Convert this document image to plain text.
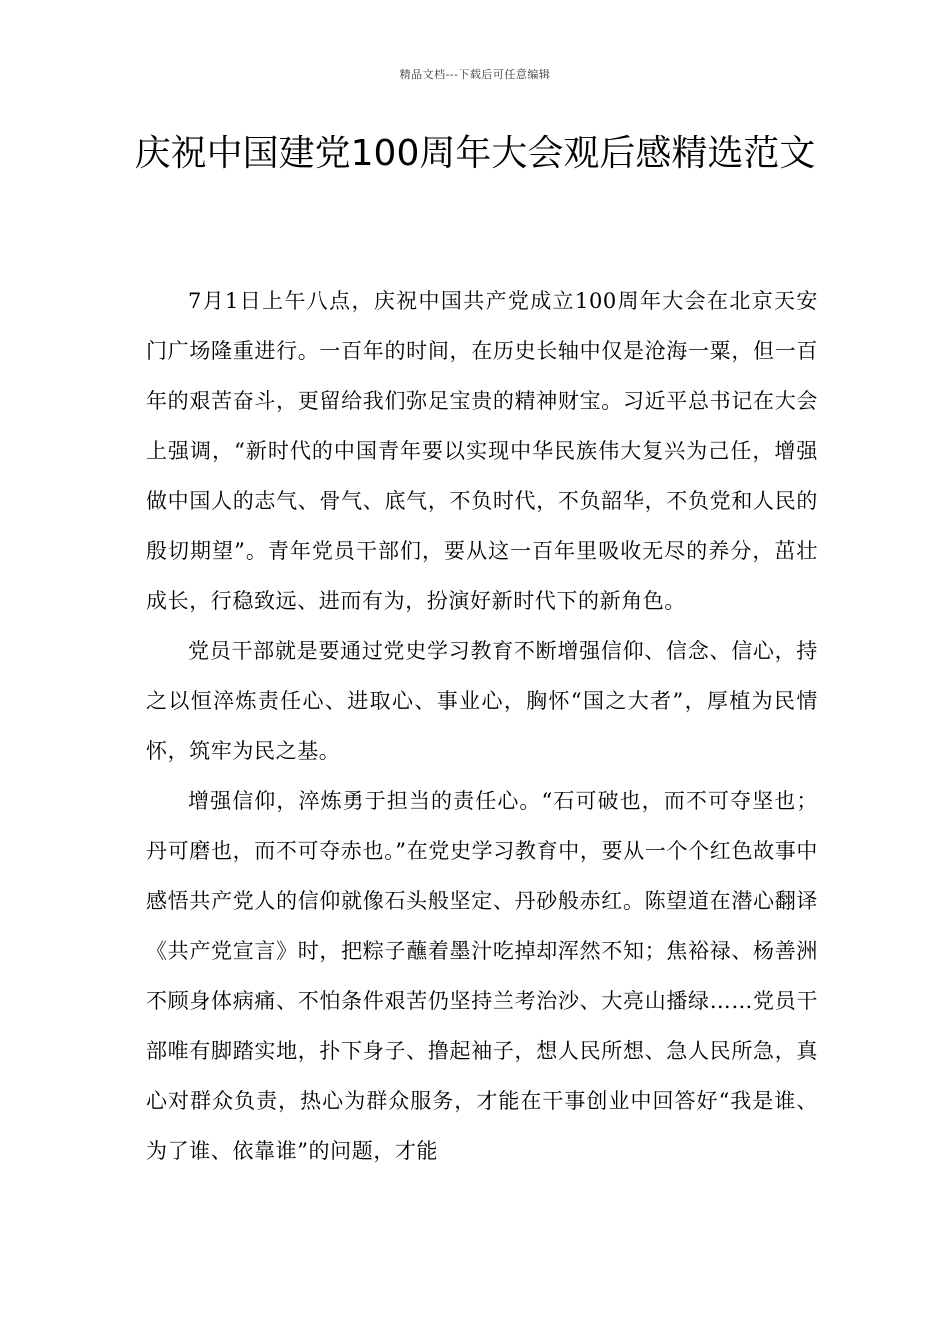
精品文档---下载后可任意编辑
庆祝中国建党100周年大会观后感精选范文

7月1日上午八点，庆祝中国共产党成立100周年大会在北京天安门广场隆重进行。一百年的时间，在历史长轴中仅是沧海一粟，但一百年的艰苦奋斗，更留给我们弥足宝贵的精神财宝。习近平总书记在大会上强调，“新时代的中国青年要以实现中华民族伟大复兴为己任，增强做中国人的志气、骨气、底气，不负时代，不负韶华，不负党和人民的殷切期望”。青年党员干部们，要从这一百年里吸收无尽的养分，茁壮成长，行稳致远、进而有为，扮演好新时代下的新角色。

党员干部就是要通过党史学习教育不断增强信仰、信念、信心，持之以恒淬炼责任心、进取心、事业心，胸怀“国之大者”，厚植为民情怀，筑牢为民之基。

增强信仰，淬炼勇于担当的责任心。“石可破也，而不可夺坚也；丹可磨也，而不可夺赤也。”在党史学习教育中，要从一个个红色故事中感悟共产党人的信仰就像石头般坚定、丹砂般赤红。陈望道在潜心翻译《共产党宣言》时，把粽子蘸着墨汁吃掉却浑然不知；焦裕禄、杨善洲不顾身体病痛、不怕条件艰苦仍坚持兰考治沙、大亮山播绿……党员干部唯有脚踏实地，扑下身子、撸起袖子，想人民所想、急人民所急，真心对群众负责，热心为群众服务，才能在干事创业中回答好“我是谁、为了谁、依靠谁”的问题，才能
